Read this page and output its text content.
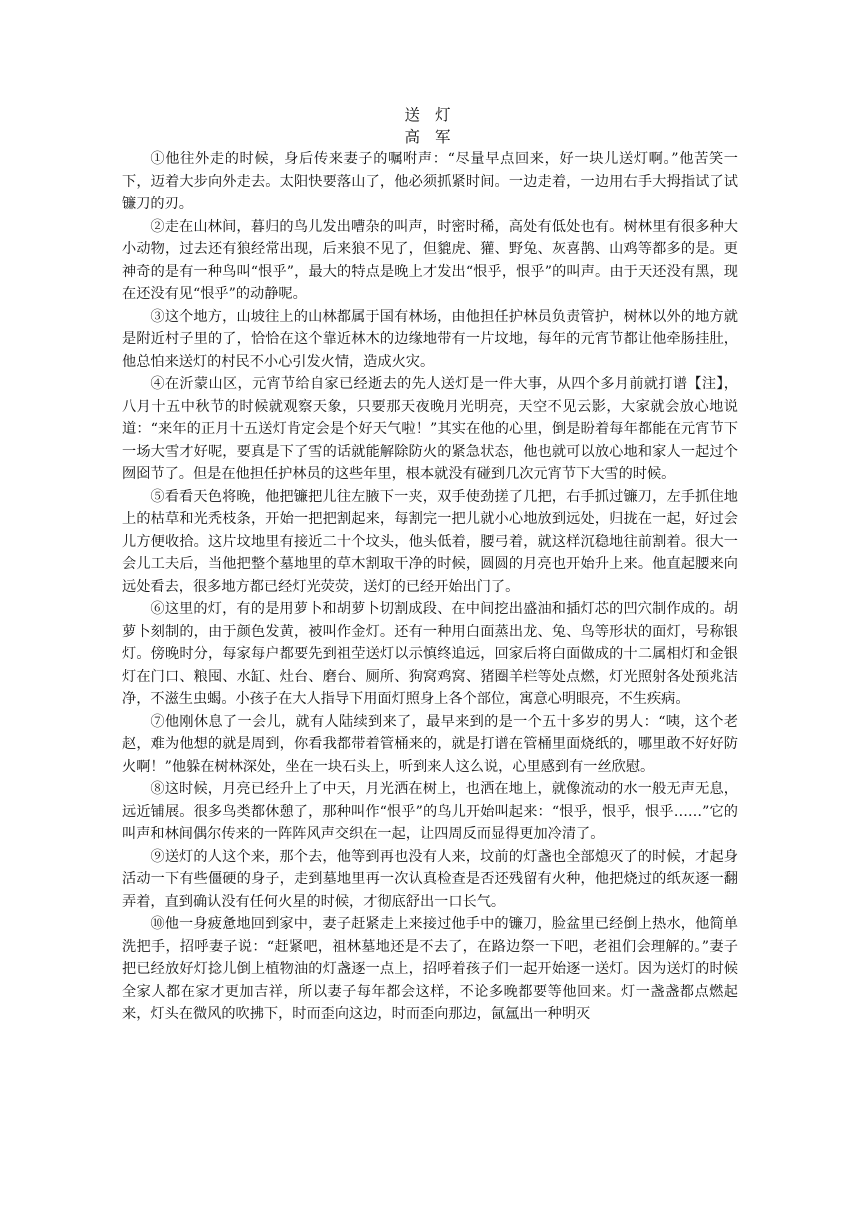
送 灯

高 军

①他往外走的时候，身后传来妻子的嘱咐声：“尽量早点回来，好一块儿送灯啊。”他苦笑一下，迈着大步向外走去。太阳快要落山了，他必须抓紧时间。一边走着，一边用右手大拇指试了试镰刀的刃。

②走在山林间，暮归的鸟儿发出嘈杂的叫声，时密时稀，高处有低处也有。树林里有很多种大小动物，过去还有狼经常出现，后来狼不见了，但貔虎、獾、野兔、灰喜鹊、山鸡等都多的是。更神奇的是有一种鸟叫“恨乎”，最大的特点是晚上才发出“恨乎，恨乎”的叫声。由于天还没有黑，现在还没有见“恨乎”的动静呢。

③这个地方，山坡往上的山林都属于国有林场，由他担任护林员负责管护，树林以外的地方就是附近村子里的了，恰恰在这个靠近林木的边缘地带有一片坟地，每年的元宵节都让他牵肠挂肚，他总怕来送灯的村民不小心引发火情，造成火灾。

④在沂蒙山区，元宵节给自家已经逝去的先人送灯是一件大事，从四个多月前就打谱【注】，八月十五中秋节的时候就观察天象，只要那天夜晚月光明亮，天空不见云影，大家就会放心地说道：“来年的正月十五送灯肯定会是个好天气啦！”其实在他的心里，倒是盼着每年都能在元宵节下一场大雪才好呢，要真是下了雪的话就能解除防火的紧急状态，他也就可以放心地和家人一起过个囫囵节了。但是在他担任护林员的这些年里，根本就没有碰到几次元宵节下大雪的时候。

⑤看看天色将晚，他把镰把儿往左腋下一夹，双手使劲搓了几把，右手抓过镰刀，左手抓住地上的枯草和光秃枝条，开始一把把割起来，每割完一把儿就小心地放到远处，归拢在一起，好过会儿方便收拾。这片坟地里有接近二十个坟头，他头低着，腰弓着，就这样沉稳地往前割着。很大一会儿工夫后，当他把整个墓地里的草木割取干净的时候，圆圆的月亮也开始升上来。他直起腰来向远处看去，很多地方都已经灯光荧荧，送灯的已经开始出门了。

⑥这里的灯，有的是用萝卜和胡萝卜切割成段、在中间挖出盛油和插灯芯的凹穴制作成的。胡萝卜刻制的，由于颜色发黄，被叫作金灯。还有一种用白面蒸出龙、兔、鸟等形状的面灯，号称银灯。傍晚时分，每家每户都要先到祖茔送灯以示慎终追远，回家后将白面做成的十二属相灯和金银灯在门口、粮囤、水缸、灶台、磨台、厕所、狗窝鸡窝、猪圈羊栏等处点燃，灯光照射各处预兆洁净，不滋生虫蝎。小孩子在大人指导下用面灯照身上各个部位，寓意心明眼亮，不生疾病。

⑦他刚休息了一会儿，就有人陆续到来了，最早来到的是一个五十多岁的男人：“咦，这个老赵，难为他想的就是周到，你看我都带着管桶来的，就是打谱在管桶里面烧纸的，哪里敢不好好防火啊！”他躲在树林深处，坐在一块石头上，听到来人这么说，心里感到有一丝欣慰。

⑧这时候，月亮已经升上了中天，月光洒在树上，也洒在地上，就像流动的水一般无声无息，远近铺展。很多鸟类都休憩了，那种叫作“恨乎”的鸟儿开始叫起来：“恨乎，恨乎，恨乎……”它的叫声和林间偶尔传来的一阵阵风声交织在一起，让四周反而显得更加冷清了。

⑨送灯的人这个来，那个去，他等到再也没有人来，坟前的灯盏也全部熄灭了的时候，才起身活动一下有些僵硬的身子，走到墓地里再一次认真检查是否还残留有火种，他把烧过的纸灰逐一翻弄着，直到确认没有任何火星的时候，才彻底舒出一口长气。

⑩他一身疲惫地回到家中，妻子赶紧走上来接过他手中的镰刀，脸盆里已经倒上热水，他简单洗把手，招呼妻子说：“赶紧吧，祖林墓地还是不去了，在路边祭一下吧，老祖们会理解的。”妻子把已经放好灯捻儿倒上植物油的灯盏逐一点上，招呼着孩子们一起开始逐一送灯。因为送灯的时候全家人都在家才更加吉祥，所以妻子每年都会这样，不论多晚都要等他回来。灯一盏盏都点燃起来，灯头在微风的吹拂下，时而歪向这边，时而歪向那边，氤氲出一种明灭
